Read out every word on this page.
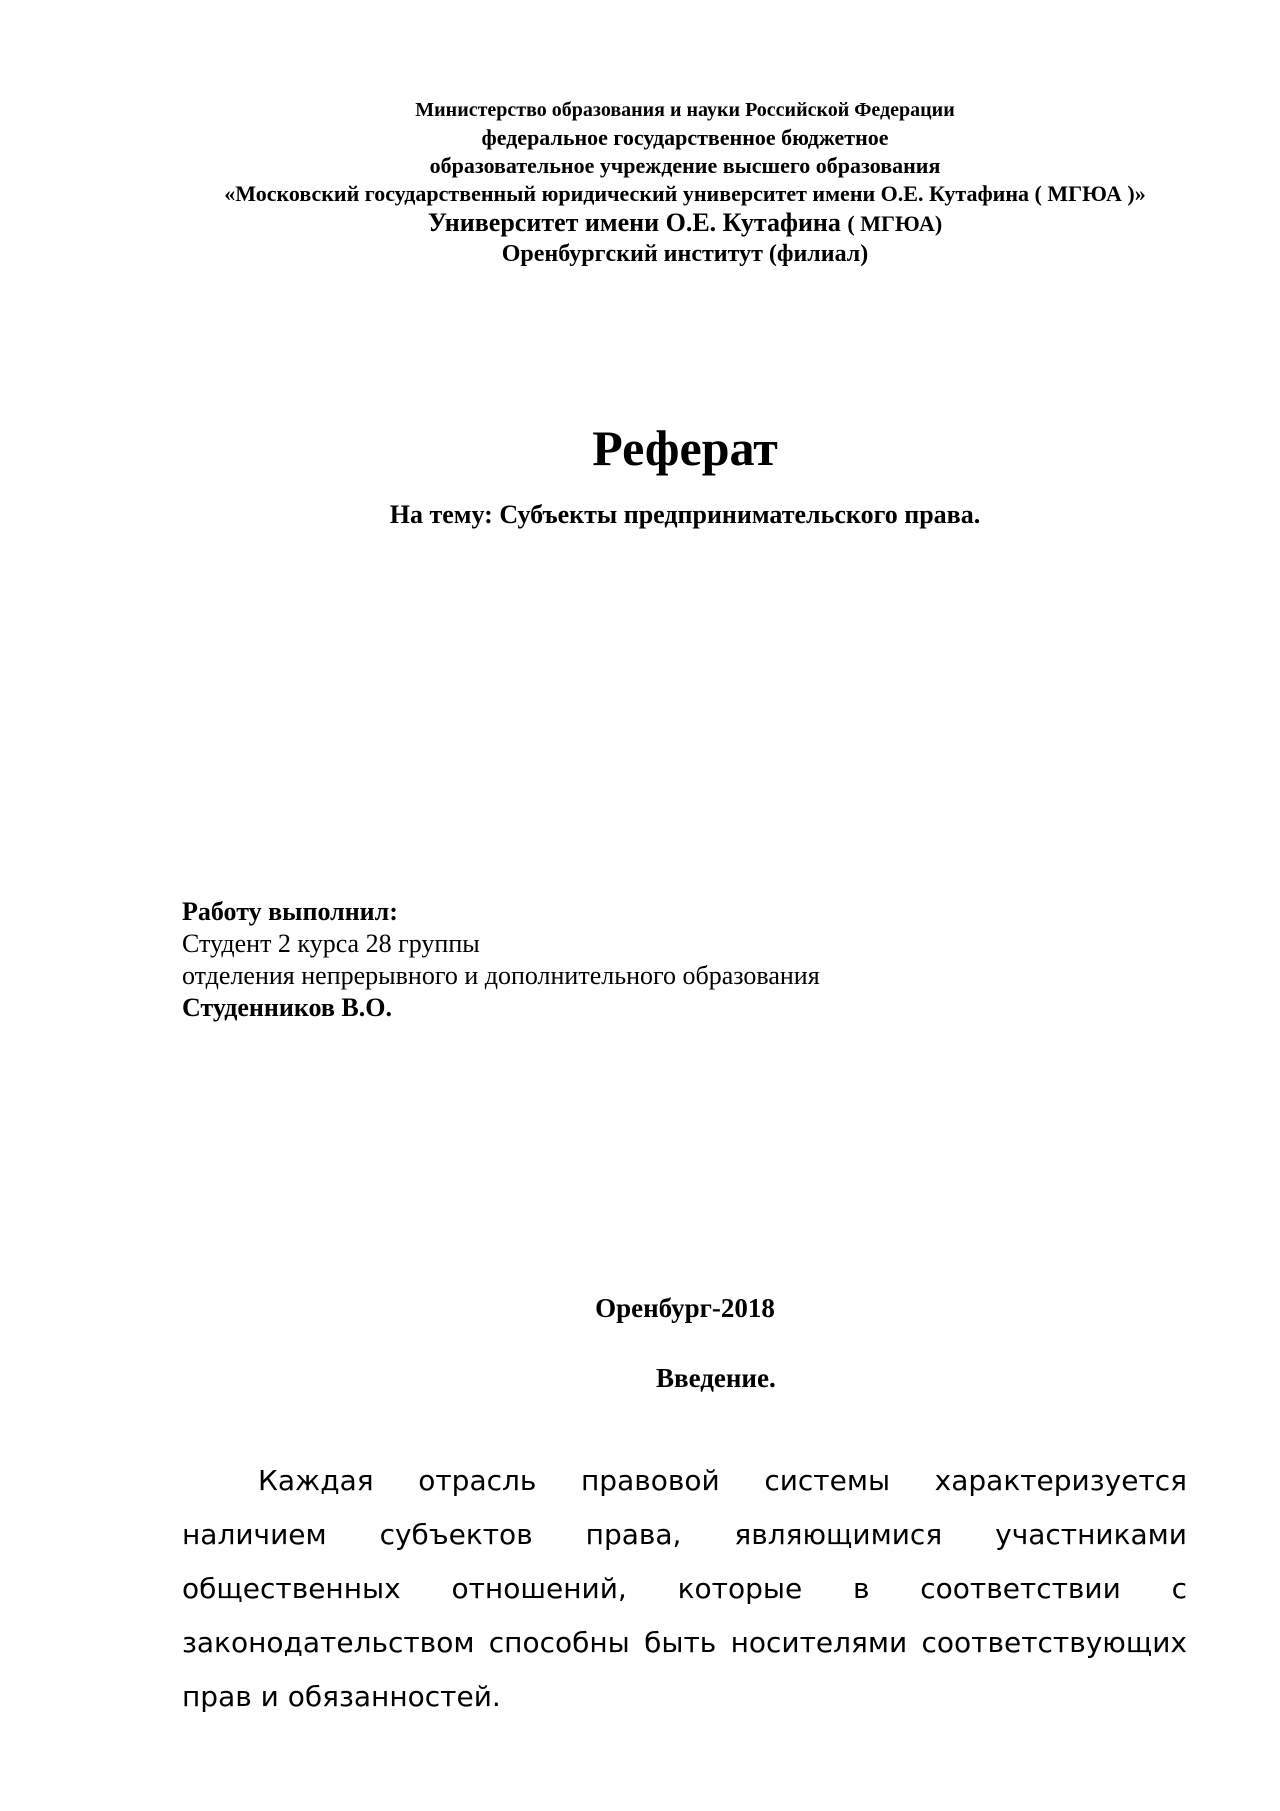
Министерство образования и науки Российской Федерации
федеральное государственное бюджетное
образовательное учреждение высшего образования
«Московский государственный юридический университет имени О.Е. Кутафина ( МГЮА )»
Университет имени О.Е. Кутафина ( МГЮА)
Оренбургский институт (филиал)
Реферат
На тему: Субъекты предпринимательского права.
Работу выполнил:
Студент 2 курса 28 группы
отделения непрерывного и дополнительного образования
Студенников В.О.
Оренбург-2018
Введение.
Каждая отрасль правовой системы характеризуется наличием субъектов права, являющимися участниками общественных отношений, которые в соответствии с законодательством способны быть носителями соответствующих прав и обязанностей.
